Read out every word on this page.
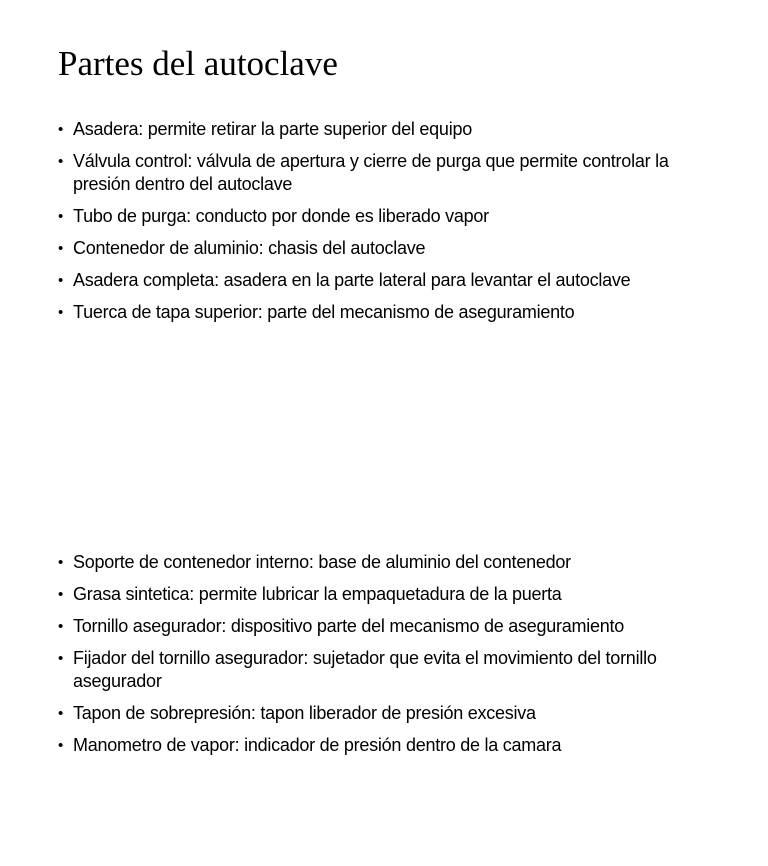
Partes del autoclave
• Asadera: permite retirar la parte superior del equipo
• Válvula control: válvula de apertura y cierre de purga que permite controlar la presión dentro del autoclave
• Tubo de purga: conducto por donde es liberado vapor
• Contenedor de aluminio: chasis del autoclave
• Asadera completa: asadera en la parte lateral para levantar el autoclave
• Tuerca de tapa superior: parte del mecanismo de aseguramiento
• Soporte de contenedor interno: base de aluminio del contenedor
• Grasa sintetica: permite lubricar la empaquetadura de la puerta
• Tornillo asegurador: dispositivo parte del mecanismo de aseguramiento
• Fijador del tornillo asegurador: sujetador que evita el movimiento del tornillo asegurador
• Tapon de sobrepresión: tapon liberador de presión excesiva
• Manometro de vapor: indicador de presión dentro de la camara
